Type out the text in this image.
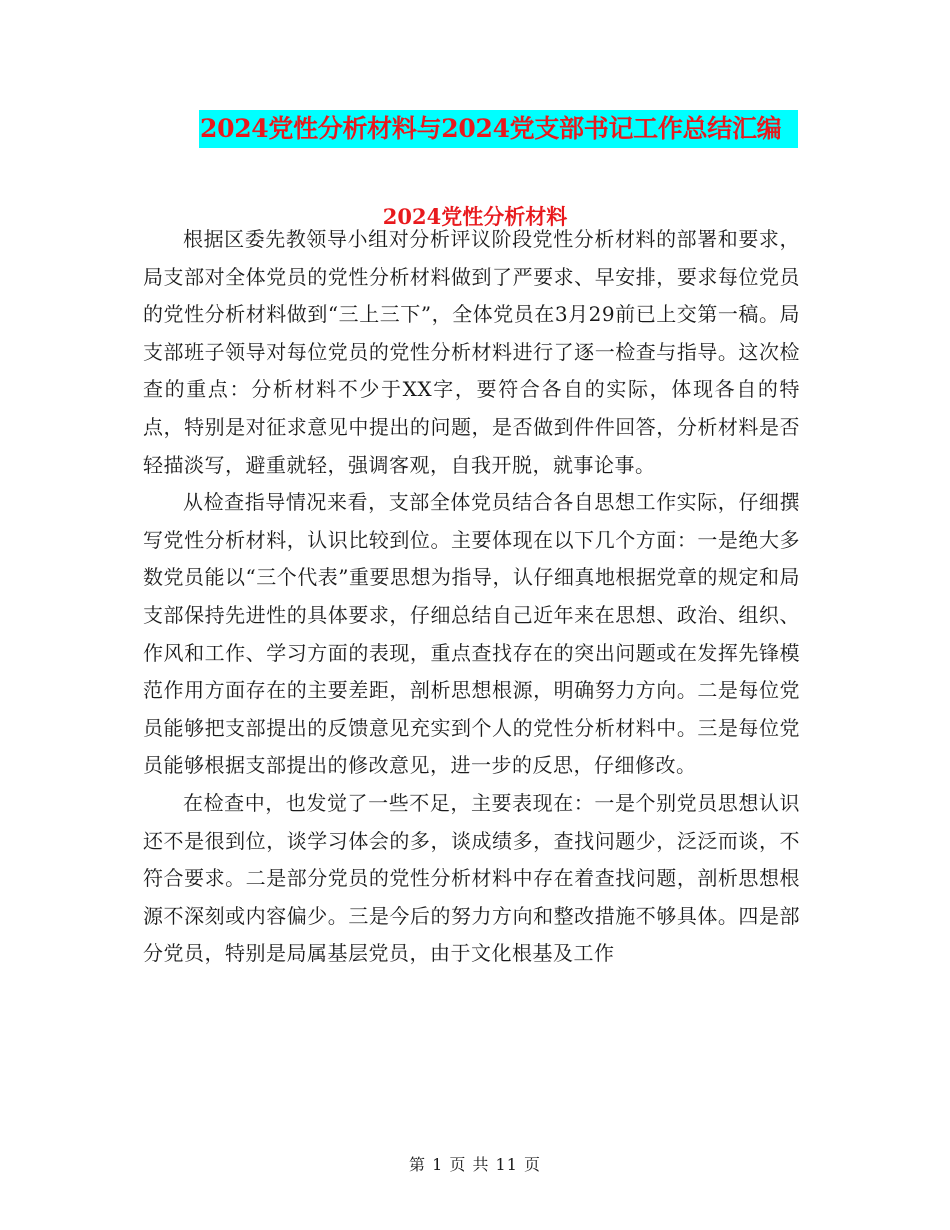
2024党性分析材料与2024党支部书记工作总结汇编
2024党性分析材料

根据区委先教领导小组对分析评议阶段党性分析材料的部署和要求，局支部对全体党员的党性分析材料做到了严要求、早安排，要求每位党员的党性分析材料做到“三上三下”，全体党员在3月29前已上交第一稿。局支部班子领导对每位党员的党性分析材料进行了逐一检查与指导。这次检查的重点：分析材料不少于XX字，要符合各自的实际，体现各自的特点，特别是对征求意见中提出的问题，是否做到件件回答，分析材料是否轻描淡写，避重就轻，强调客观，自我开脱，就事论事。

从检查指导情况来看，支部全体党员结合各自思想工作实际，仔细撰写党性分析材料，认识比较到位。主要体现在以下几个方面：一是绝大多数党员能以“三个代表”重要思想为指导，认仔细真地根据党章的规定和局支部保持先进性的具体要求，仔细总结自己近年来在思想、政治、组织、作风和工作、学习方面的表现，重点查找存在的突出问题或在发挥先锋模范作用方面存在的主要差距，剖析思想根源，明确努力方向。二是每位党员能够把支部提出的反馈意见充实到个人的党性分析材料中。三是每位党员能够根据支部提出的修改意见，进一步的反思，仔细修改。

在检查中，也发觉了一些不足，主要表现在：一是个别党员思想认识还不是很到位，谈学习体会的多，谈成绩多，查找问题少，泛泛而谈，不符合要求。二是部分党员的党性分析材料中存在着查找问题，剖析思想根源不深刻或内容偏少。三是今后的努力方向和整改措施不够具体。四是部分党员，特别是局属基层党员，由于文化根基及工作

第 1 页 共 11 页
